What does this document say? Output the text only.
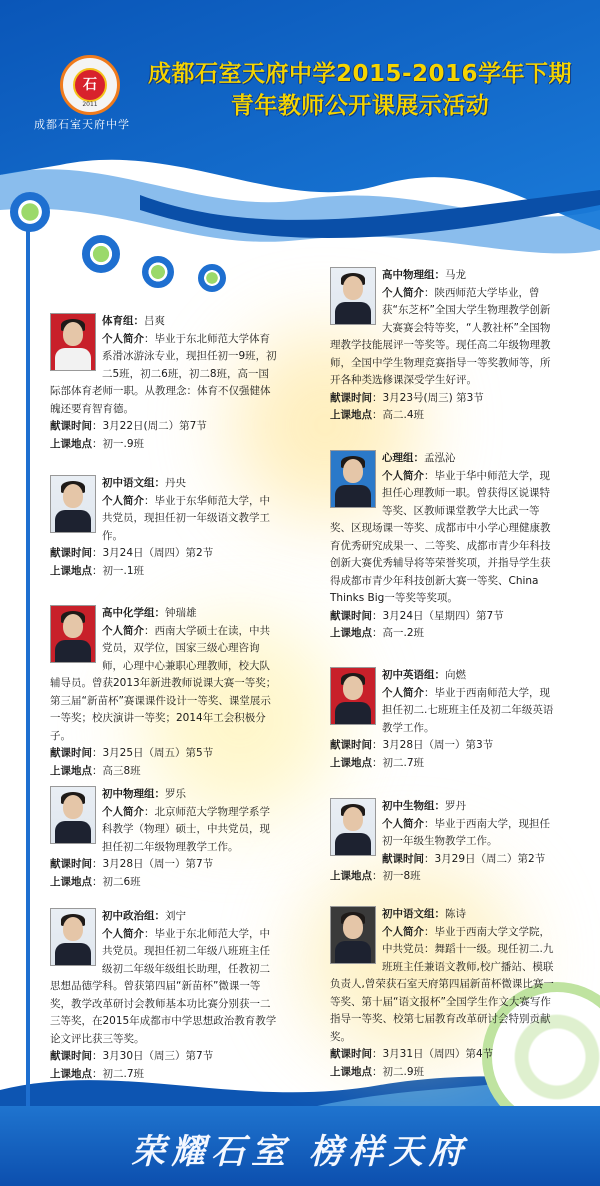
石
2011
成都石室天府中学
成都石室天府中学2015-2016学年下期
青年教师公开课展示活动
体育组：吕爽
个人简介：毕业于东北师范大学体育系滑冰游泳专业，现担任初一9班，初二5班，初二6班，初二8班，高一国际部体育老师一职。从教理念：体育不仅强健体魄还要育智育德。
献课时间：3月22日(周二）第7节
上课地点：初一.9班
初中语文组：丹央
个人简介：毕业于东华师范大学，中共党员，现担任初一年级语文教学工作。
献课时间：3月24日（周四）第2节
上课地点：初一.1班
高中化学组：钟瑞雄
个人简介：西南大学硕士在读，中共党员，双学位，国家三级心理咨询师，心理中心兼职心理教师，校大队辅导员。曾获2013年新进教师说课大赛一等奖；第三届“新苗杯”赛课课件设计一等奖、课堂展示一等奖；校庆演讲一等奖；2014年工会积极分子。
献课时间：3月25日（周五）第5节
上课地点：高三8班
初中物理组：罗乐
个人简介：北京师范大学物理学系学科教学（物理）硕士，中共党员，现担任初二年级物理教学工作。
献课时间：3月28日（周一）第7节
上课地点：初二6班
初中政治组：刘宁
个人简介：毕业于东北师范大学，中共党员。现担任初二年级八班班主任级初二年级年级组长助理，任教初二思想品德学科。曾获第四届“新苗杯”微课一等奖，教学改革研讨会教师基本功比赛分别获一二三等奖，在2015年成都市中学思想政治教育教学论文评比获三等奖。
献课时间：3月30日（周三）第7节
上课地点：初二.7班
高中物理组：马龙
个人简介：陕西师范大学毕业，曾获“东芝杯”全国大学生物理教学创新大赛赛会特等奖，“人教社杯”全国物理教学技能展评一等奖等。现任高二年级物理教师，全国中学生物理竞赛指导一等奖教师等，所开各种类选修课深受学生好评。
献课时间：3月23号(周三) 第3节
上课地点：高二.4班
心理组：孟泓沁
个人简介：毕业于华中师范大学，现担任心理教师一职。曾获得区说课特等奖、区教师课堂教学大比武一等奖、区现场课一等奖、成都市中小学心理健康教育优秀研究成果一、二等奖、成都市青少年科技创新大赛优秀辅导将等荣誉奖项，并指导学生获得成都市青少年科技创新大赛一等奖、China Thinks Big一等奖等奖项。
献课时间：3月24日（星期四）第7节
上课地点：高一.2班
初中英语组：向燃
个人简介：毕业于西南师范大学，现担任初二.七班班主任及初二年级英语教学工作。
献课时间：3月28日（周一）第3节
上课地点：初二.7班
初中生物组：罗丹
个人简介：毕业于西南大学，现担任初一年级生物教学工作。
献课时间：3月29日（周二）第2节
上课地点：初一8班
初中语文组：陈诗
个人简介：毕业于西南大学文学院，中共党员：舞蹈十一级。现任初二.九班班主任兼语文教师,校广播站、模联负责人,曾荣获石室天府第四届新苗杯微课比赛一等奖、第十届“语文报杯”全国学生作文大赛写作指导一等奖、校第七届教育改革研讨会特别贡献奖。
献课时间：3月31日（周四）第4节
上课地点：初二.9班
荣耀石室 榜样天府
